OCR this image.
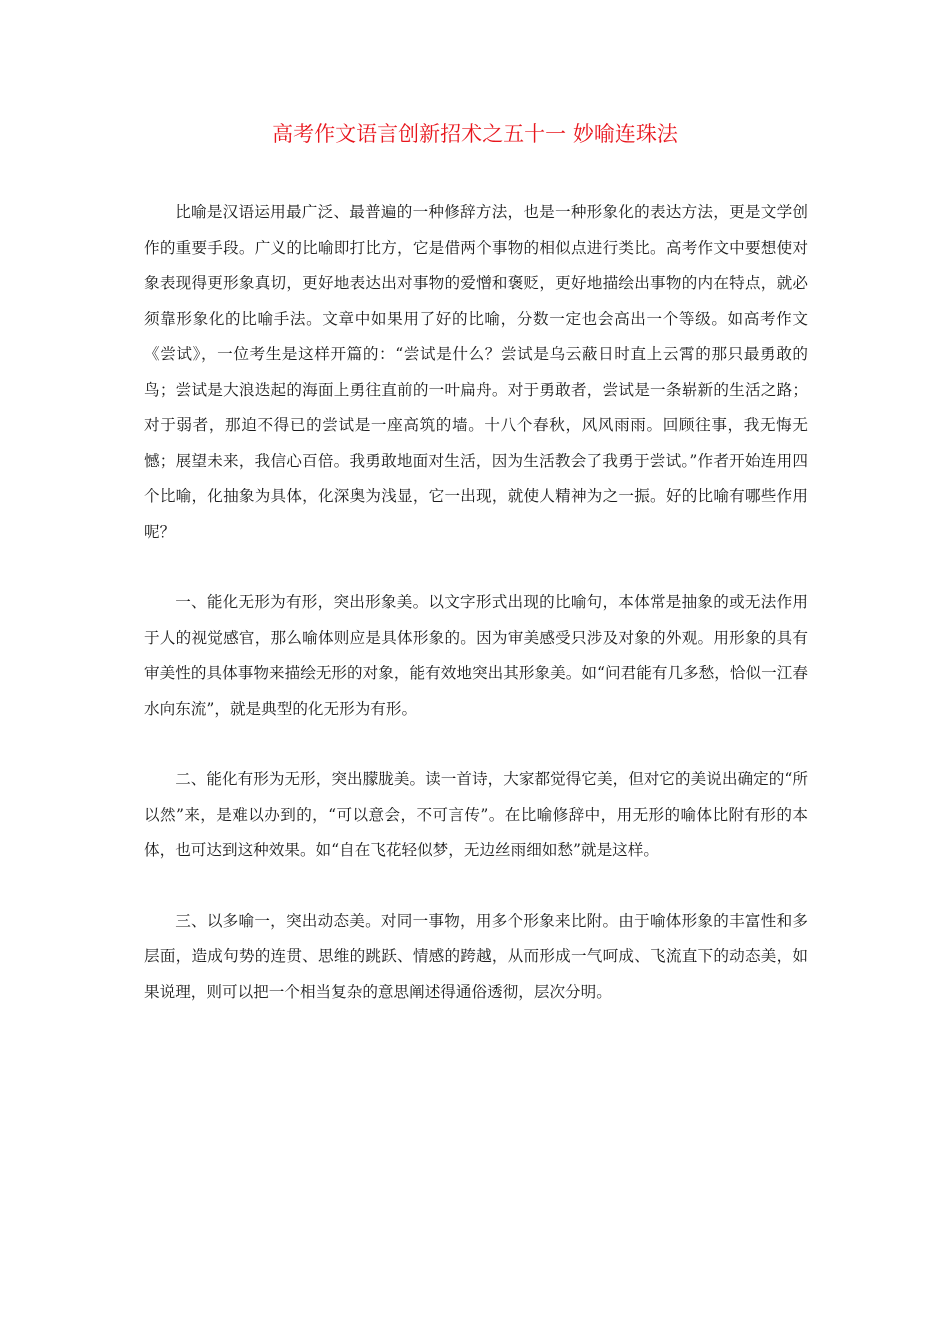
高考作文语言创新招术之五十一 妙喻连珠法

比喻是汉语运用最广泛、最普遍的一种修辞方法，也是一种形象化的表达方法，更是文学创作的重要手段。广义的比喻即打比方，它是借两个事物的相似点进行类比。高考作文中要想使对象表现得更形象真切，更好地表达出对事物的爱憎和褒贬，更好地描绘出事物的内在特点，就必须靠形象化的比喻手法。文章中如果用了好的比喻，分数一定也会高出一个等级。如高考作文《尝试》，一位考生是这样开篇的：“尝试是什么？尝试是乌云蔽日时直上云霄的那只最勇敢的鸟；尝试是大浪迭起的海面上勇往直前的一叶扁舟。对于勇敢者，尝试是一条崭新的生活之路；对于弱者，那迫不得已的尝试是一座高筑的墙。十八个春秋，风风雨雨。回顾往事，我无悔无憾；展望未来，我信心百倍。我勇敢地面对生活，因为生活教会了我勇于尝试。”作者开始连用四个比喻，化抽象为具体，化深奥为浅显，它一出现，就使人精神为之一振。好的比喻有哪些作用呢？

一、能化无形为有形，突出形象美。以文字形式出现的比喻句，本体常是抽象的或无法作用于人的视觉感官，那么喻体则应是具体形象的。因为审美感受只涉及对象的外观。用形象的具有审美性的具体事物来描绘无形的对象，能有效地突出其形象美。如“问君能有几多愁，恰似一江春水向东流”，就是典型的化无形为有形。

二、能化有形为无形，突出朦胧美。读一首诗，大家都觉得它美，但对它的美说出确定的“所以然”来，是难以办到的，“可以意会，不可言传”。在比喻修辞中，用无形的喻体比附有形的本体，也可达到这种效果。如“自在飞花轻似梦，无边丝雨细如愁”就是这样。

三、以多喻一，突出动态美。对同一事物，用多个形象来比附。由于喻体形象的丰富性和多层面，造成句势的连贯、思维的跳跃、情感的跨越，从而形成一气呵成、飞流直下的动态美，如果说理，则可以把一个相当复杂的意思阐述得通俗透彻，层次分明。
